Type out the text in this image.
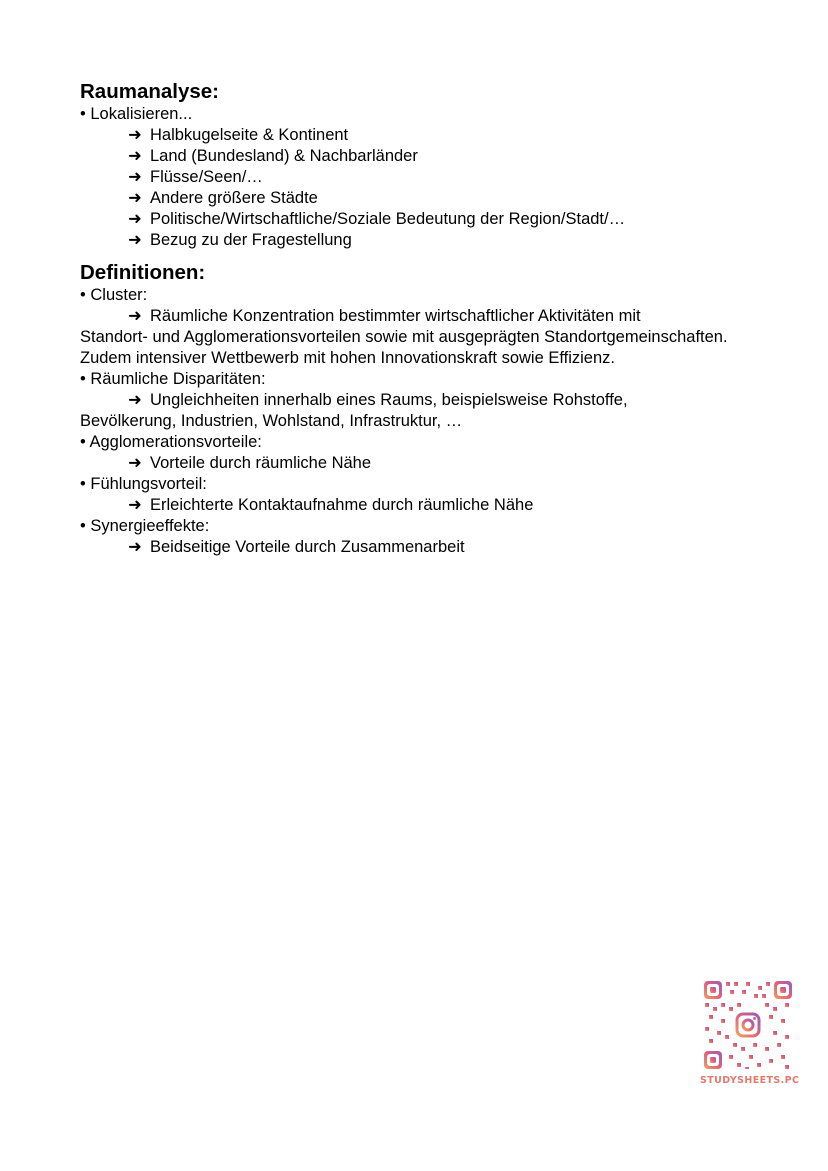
Raumanalyse:
• Lokalisieren...
➜ Halbkugelseite & Kontinent
➜ Land (Bundesland) & Nachbarländer
➜ Flüsse/Seen/…
➜ Andere größere Städte
➜ Politische/Wirtschaftliche/Soziale Bedeutung der Region/Stadt/…
➜ Bezug zu der Fragestellung
Definitionen:
• Cluster:
➜ Räumliche Konzentration bestimmter wirtschaftlicher Aktivitäten mit
Standort- und Agglomerationsvorteilen sowie mit ausgeprägten Standortgemeinschaften. Zudem intensiver Wettbewerb mit hohen Innovationskraft sowie Effizienz.
• Räumliche Disparitäten:
➜ Ungleichheiten innerhalb eines Raums, beispielsweise Rohstoffe,
Bevölkerung, Industrien, Wohlstand, Infrastruktur, …
• Agglomerationsvorteile:
➜ Vorteile durch räumliche Nähe
• Fühlungsvorteil:
➜ Erleichterte Kontaktaufnahme durch räumliche Nähe
• Synergieeffekte:
➜ Beidseitige Vorteile durch Zusammenarbeit
STUDYSHEETS.PC
